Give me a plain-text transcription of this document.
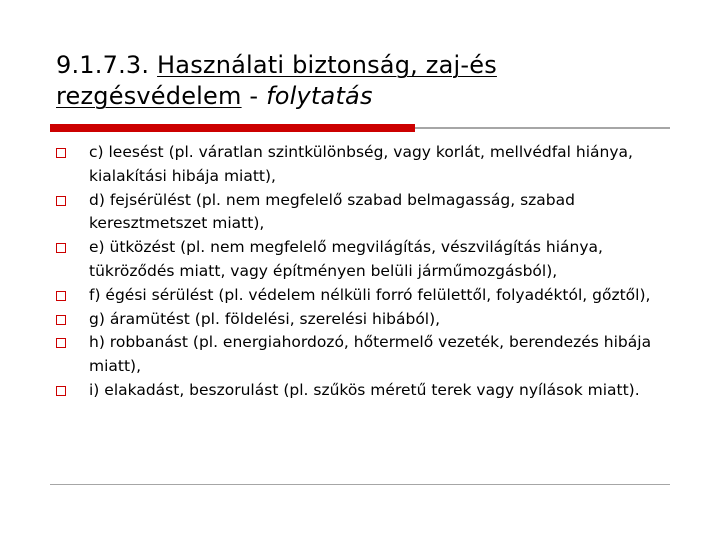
9.1.7.3. Használati biztonság, zaj-és
rezgésvédelem - folytatás
c) leesést (pl. váratlan szintkülönbség, vagy korlát, mellvédfal hiánya, kialakítási hibája miatt),
d) fejsérülést (pl. nem megfelelő szabad belmagasság, szabad keresztmetszet miatt),
e) ütközést (pl. nem megfelelő megvilágítás, vészvilágítás hiánya, tükröződés miatt, vagy építményen belüli járműmozgásból),
f) égési sérülést (pl. védelem nélküli forró felülettől, folyadéktól, gőztől),
g) áramütést (pl. földelési, szerelési hibából),
h) robbanást (pl. energiahordozó, hőtermelő vezeték, berendezés hibája miatt),
i) elakadást, beszorulást (pl. szűkös méretű terek vagy nyílások miatt).
